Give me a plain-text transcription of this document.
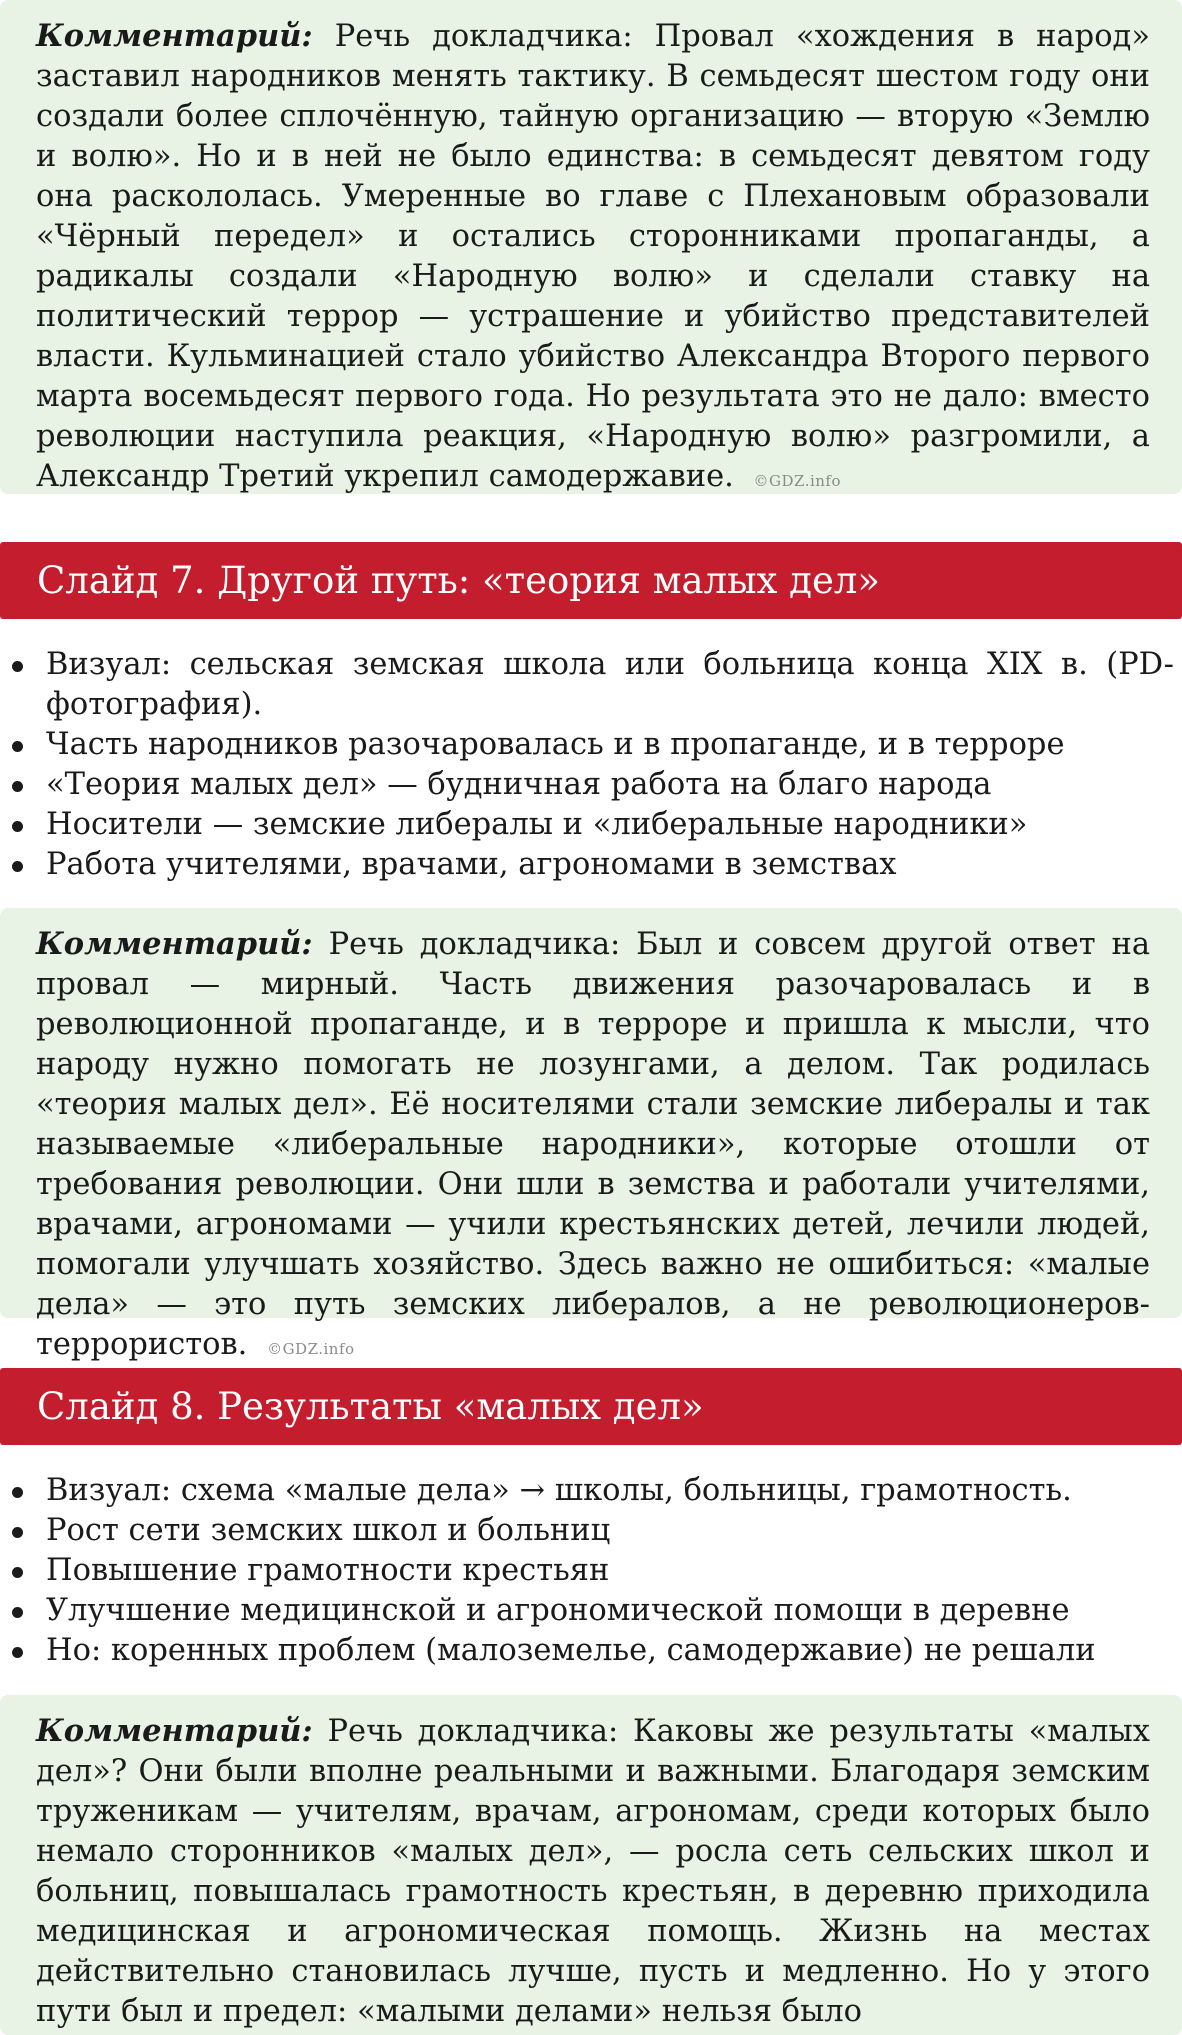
Комментарий: Речь докладчика: Провал «хождения в народ» заставил народников менять тактику. В семьдесят шестом году они создали более сплочённую, тайную организацию — вторую «Землю и волю». Но и в ней не было единства: в семьдесят девятом году она раскололась. Умеренные во главе с Плехановым образовали «Чёрный передел» и остались сторонниками пропаганды, а радикалы создали «Народную волю» и сделали ставку на политический террор — устрашение и убийство представителей власти. Кульминацией стало убийство Александра Второго первого марта восемьдесят первого года. Но результата это не дало: вместо революции наступила реакция, «Народную волю» разгромили, а Александр Третий укрепил самодержавие. ©GDZ.info
Слайд 7. Другой путь: «теория малых дел»
Визуал: сельская земская школа или больница конца XIX в. (PD-фотография).
Часть народников разочаровалась и в пропаганде, и в терроре
«Теория малых дел» — будничная работа на благо народа
Носители — земские либералы и «либеральные народники»
Работа учителями, врачами, агрономами в земствах
Комментарий: Речь докладчика: Был и совсем другой ответ на провал — мирный. Часть движения разочаровалась и в революционной пропаганде, и в терроре и пришла к мысли, что народу нужно помогать не лозунгами, а делом. Так родилась «теория малых дел». Её носителями стали земские либералы и так называемые «либеральные народники», которые отошли от требования революции. Они шли в земства и работали учителями, врачами, агрономами — учили крестьянских детей, лечили людей, помогали улучшать хозяйство. Здесь важно не ошибиться: «малые дела» — это путь земских либералов, а не революционеров-террористов. ©GDZ.info
Слайд 8. Результаты «малых дел»
Визуал: схема «малые дела» → школы, больницы, грамотность.
Рост сети земских школ и больниц
Повышение грамотности крестьян
Улучшение медицинской и агрономической помощи в деревне
Но: коренных проблем (малоземелье, самодержавие) не решали
Комментарий: Речь докладчика: Каковы же результаты «малых дел»? Они были вполне реальными и важными. Благодаря земским труженикам — учителям, врачам, агрономам, среди которых было немало сторонников «малых дел», — росла сеть сельских школ и больниц, повышалась грамотность крестьян, в деревню приходила медицинская и агрономическая помощь. Жизнь на местах действительно становилась лучше, пусть и медленно. Но у этого пути был и предел: «малыми делами» нельзя было
